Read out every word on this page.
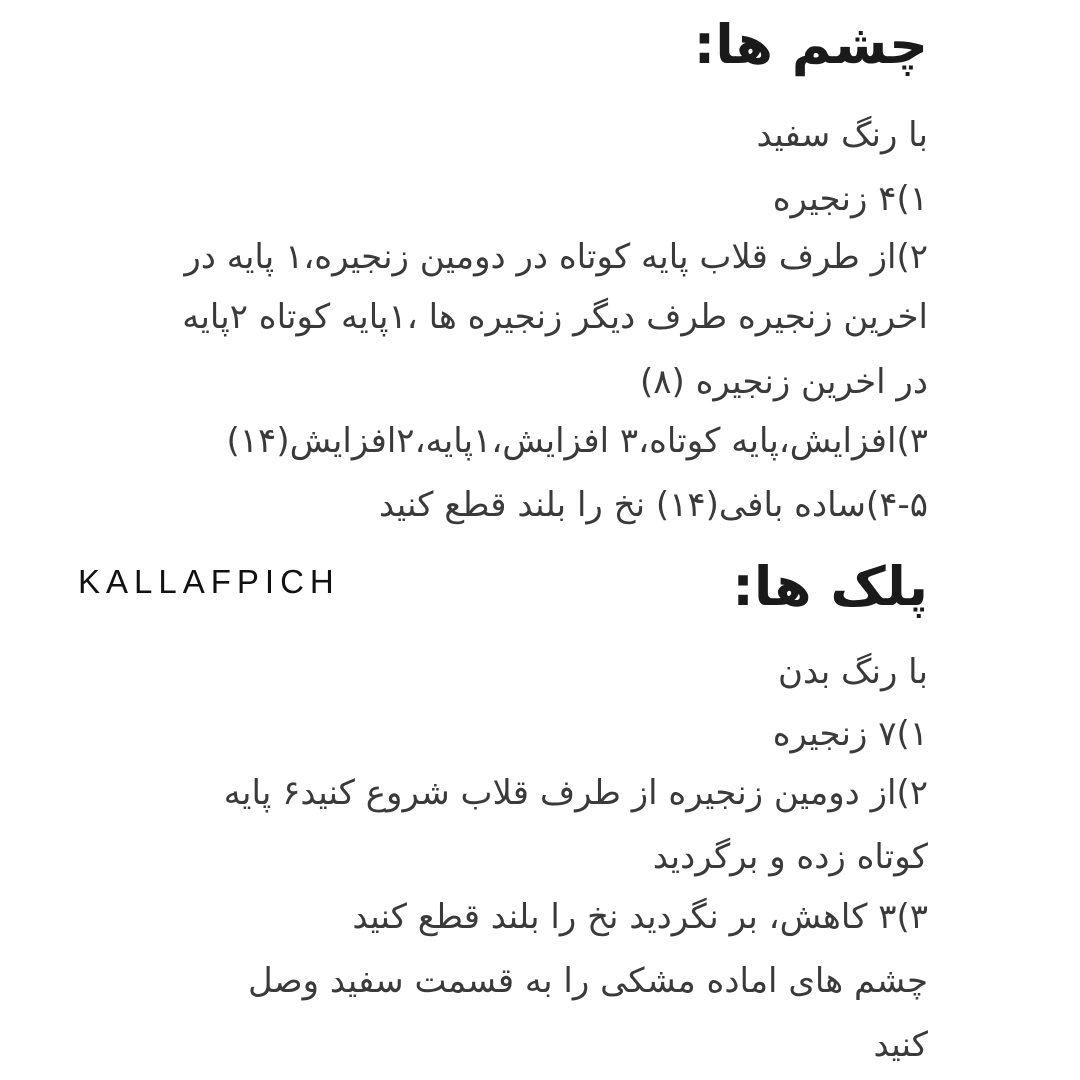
چشم ها:
با رنگ سفید
۱)۴ زنجیره
۲)از طرف قلاب پایه کوتاه در دومین زنجیره،۱ پایه در
اخرین زنجیره طرف دیگر زنجیره ها ،۱پایه کوتاه ۲پایه
در اخرین زنجیره (۸)
۳)افزایش،پایه کوتاه،۳ افزایش،۱پایه،۲افزایش(۱۴)
۴-۵)ساده بافی(۱۴) نخ را بلند قطع کنید
KALLAFPICH	پلک ها:
با رنگ بدن
۱)۷ زنجیره
۲)از دومین زنجیره از طرف قلاب شروع کنید۶ پایه
کوتاه زده و برگردید
۳)۳ کاهش، بر نگردید نخ را بلند قطع کنید
چشم های اماده مشکی را به قسمت سفید وصل
کنید
